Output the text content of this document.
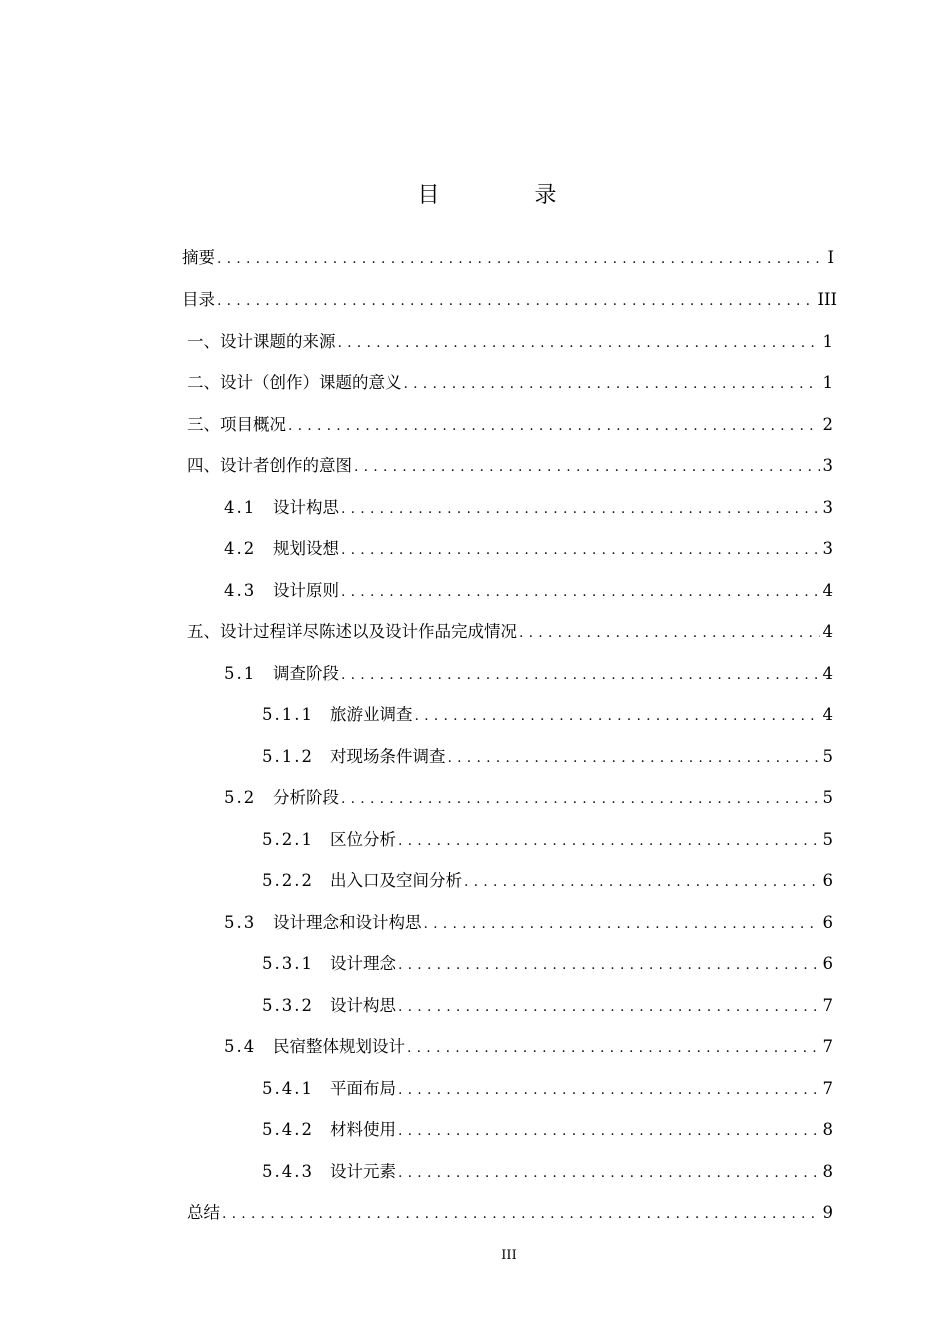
目 录
摘要 .....	I
目录 .....	III
一、设计课题的来源 .....	1
二、设计（创作）课题的意义 .....	1
三、项目概况 .....	2
四、设计者创作的意图 .....	3
4.1 设计构思 .....	3
4.2 规划设想 .....	3
4.3 设计原则 .....	4
五、设计过程详尽陈述以及设计作品完成情况 .....	4
5.1 调查阶段 .....	4
5.1.1 旅游业调查 .....	4
5.1.2 对现场条件调查 .....	5
5.2 分析阶段 .....	5
5.2.1 区位分析 .....	5
5.2.2 出入口及空间分析 .....	6
5.3 设计理念和设计构思 .....	6
5.3.1 设计理念 .....	6
5.3.2 设计构思 .....	7
5.4 民宿整体规划设计 .....	7
5.4.1 平面布局 .....	7
5.4.2 材料使用 .....	8
5.4.3 设计元素 .....	8
总结 .....	9
III
